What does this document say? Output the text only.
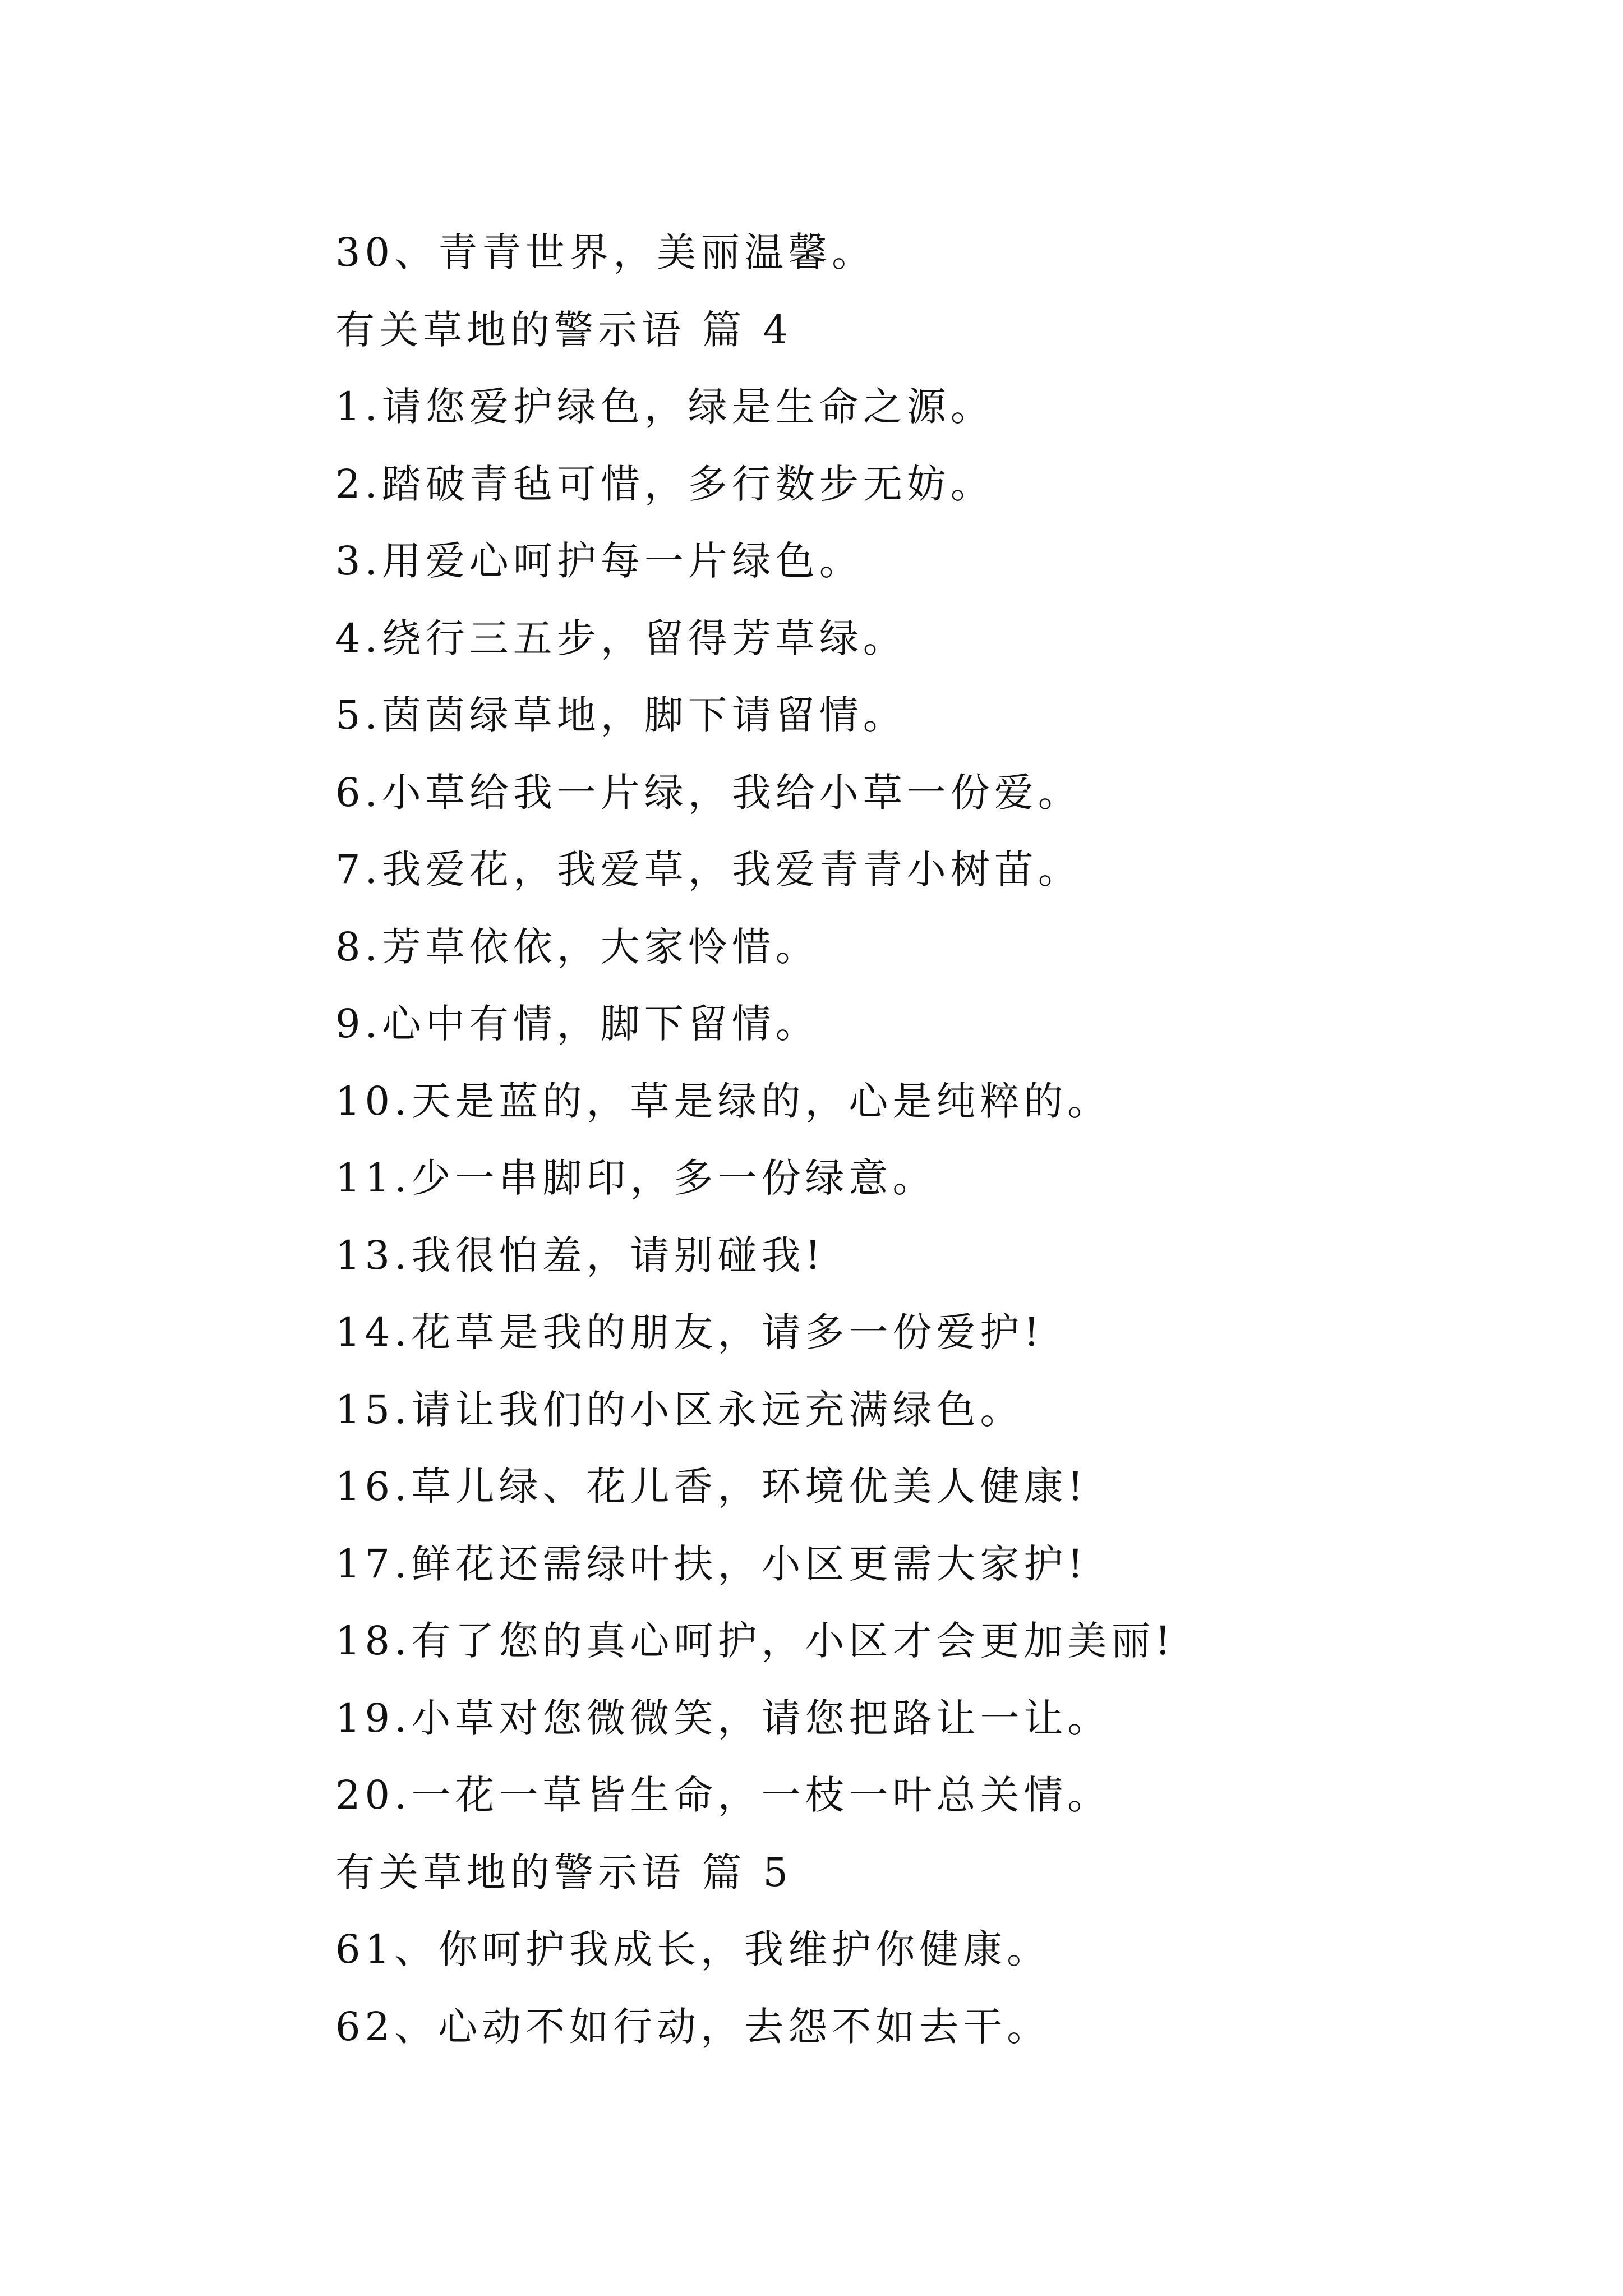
30、青青世界，美丽温馨。
有关草地的警示语 篇 4
1.请您爱护绿色，绿是生命之源。
2.踏破青毡可惜，多行数步无妨。
3.用爱心呵护每一片绿色。
4.绕行三五步，留得芳草绿。
5.茵茵绿草地，脚下请留情。
6.小草给我一片绿，我给小草一份爱。
7.我爱花，我爱草，我爱青青小树苗。
8.芳草依依，大家怜惜。
9.心中有情，脚下留情。
10.天是蓝的，草是绿的，心是纯粹的。
11.少一串脚印，多一份绿意。
13.我很怕羞，请别碰我!
14.花草是我的朋友，请多一份爱护!
15.请让我们的小区永远充满绿色。
16.草儿绿、花儿香，环境优美人健康!
17.鲜花还需绿叶扶，小区更需大家护!
18.有了您的真心呵护，小区才会更加美丽!
19.小草对您微微笑，请您把路让一让。
20.一花一草皆生命，一枝一叶总关情。
有关草地的警示语 篇 5
61、你呵护我成长，我维护你健康。
62、心动不如行动，去怨不如去干。
